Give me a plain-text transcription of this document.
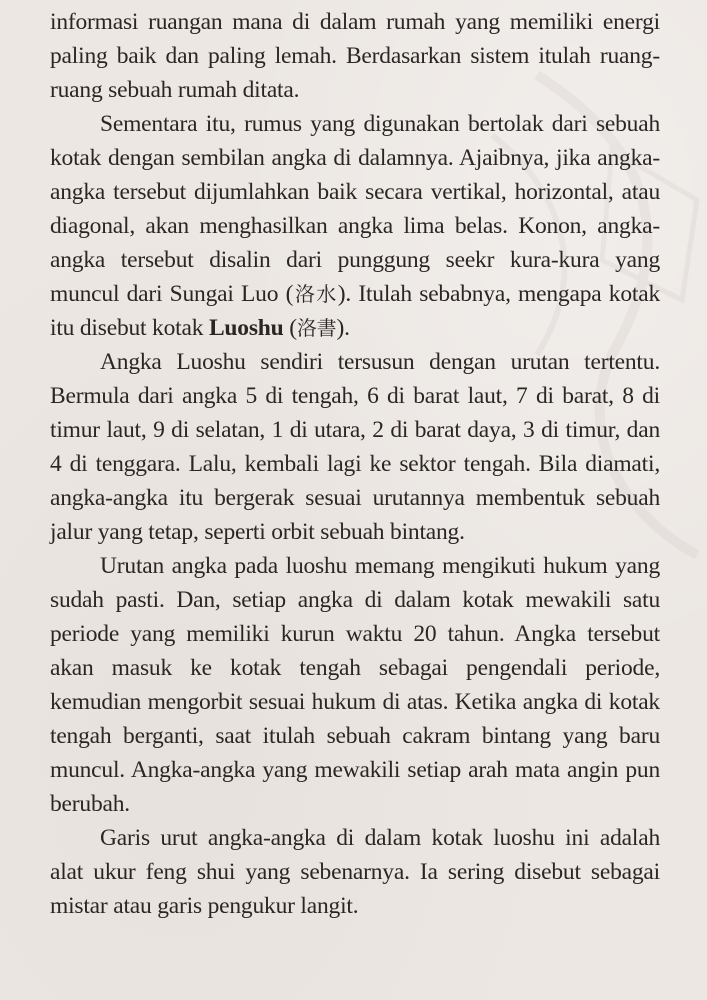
informasi ruangan mana di dalam rumah yang memiliki energi paling baik dan paling lemah. Berdasarkan sistem itulah ruang-ruang sebuah rumah ditata.

Sementara itu, rumus yang digunakan bertolak dari sebuah kotak dengan sembilan angka di dalamnya. Ajaibnya, jika angka-angka tersebut dijumlahkan baik secara vertikal, horizontal, atau diagonal, akan menghasilkan angka lima belas. Konon, angka-angka tersebut disalin dari punggung seekr kura-kura yang muncul dari Sungai Luo (洛水). Itulah sebabnya, mengapa kotak itu disebut kotak Luoshu (洛書).

Angka Luoshu sendiri tersusun dengan urutan tertentu. Bermula dari angka 5 di tengah, 6 di barat laut, 7 di barat, 8 di timur laut, 9 di selatan, 1 di utara, 2 di barat daya, 3 di timur, dan 4 di tenggara. Lalu, kembali lagi ke sektor tengah. Bila diamati, angka-angka itu bergerak sesuai urutannya membentuk sebuah jalur yang tetap, seperti orbit sebuah bintang.

Urutan angka pada luoshu memang mengikuti hukum yang sudah pasti. Dan, setiap angka di dalam kotak mewakili satu periode yang memiliki kurun waktu 20 tahun. Angka tersebut akan masuk ke kotak tengah sebagai pengendali periode, kemudian mengorbit sesuai hukum di atas. Ketika angka di kotak tengah berganti, saat itulah sebuah cakram bintang yang baru muncul. Angka-angka yang mewakili setiap arah mata angin pun berubah.

Garis urut angka-angka di dalam kotak luoshu ini adalah alat ukur feng shui yang sebenarnya. Ia sering disebut sebagai mistar atau garis pengukur langit.
